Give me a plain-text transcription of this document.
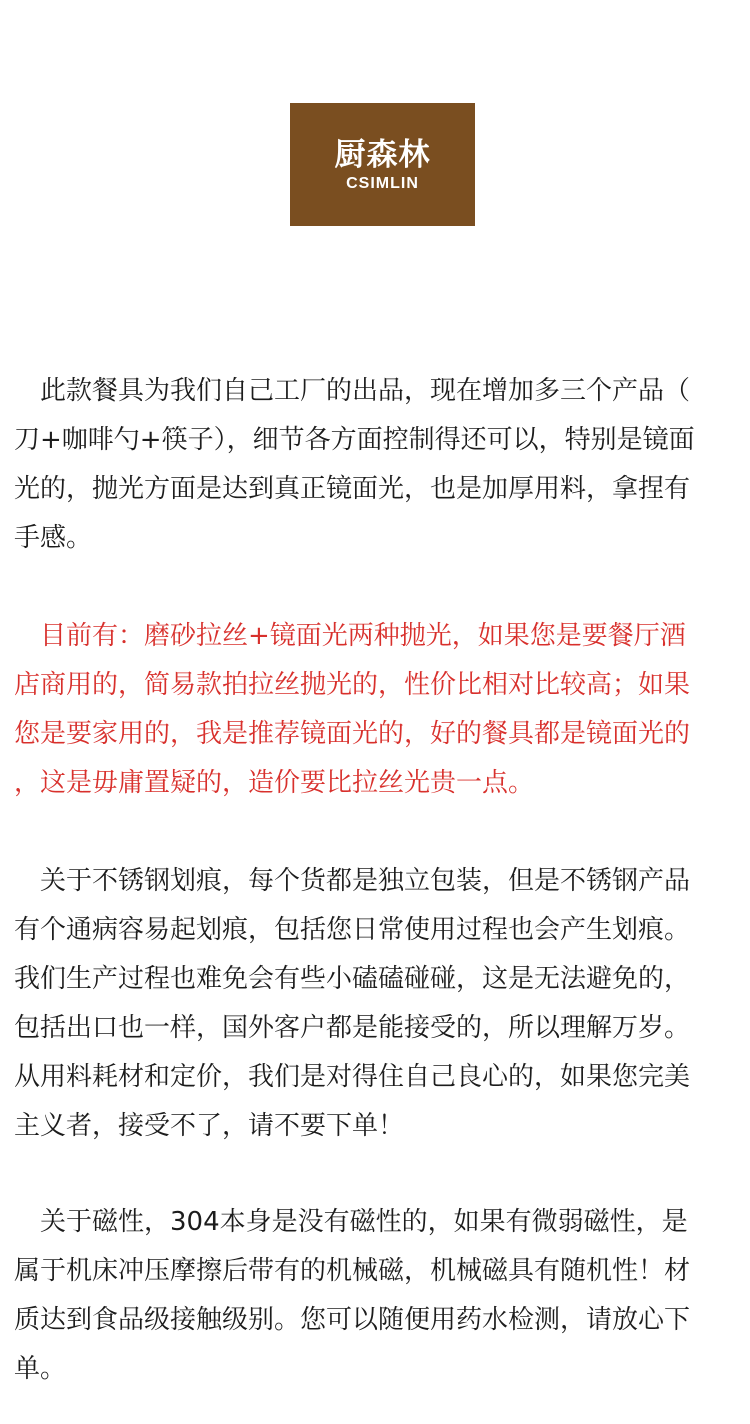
厨森林
CSIMLIN

　此款餐具为我们自己工厂的出品，现在增加多三个产品（
刀+咖啡勺+筷子），细节各方面控制得还可以，特别是镜面
光的，抛光方面是达到真正镜面光，也是加厚用料，拿捏有
手感。

　目前有：磨砂拉丝+镜面光两种抛光，如果您是要餐厅酒
店商用的，简易款拍拉丝抛光的，性价比相对比较高；如果
您是要家用的，我是推荐镜面光的，好的餐具都是镜面光的
，这是毋庸置疑的，造价要比拉丝光贵一点。

　关于不锈钢划痕，每个货都是独立包装，但是不锈钢产品
有个通病容易起划痕，包括您日常使用过程也会产生划痕。
我们生产过程也难免会有些小磕磕碰碰，这是无法避免的，
包括出口也一样，国外客户都是能接受的，所以理解万岁。
从用料耗材和定价，我们是对得住自己良心的，如果您完美
主义者，接受不了，请不要下单！

　关于磁性，304本身是没有磁性的，如果有微弱磁性，是
属于机床冲压摩擦后带有的机械磁，机械磁具有随机性！材
质达到食品级接触级别。您可以随便用药水检测，请放心下
单。
